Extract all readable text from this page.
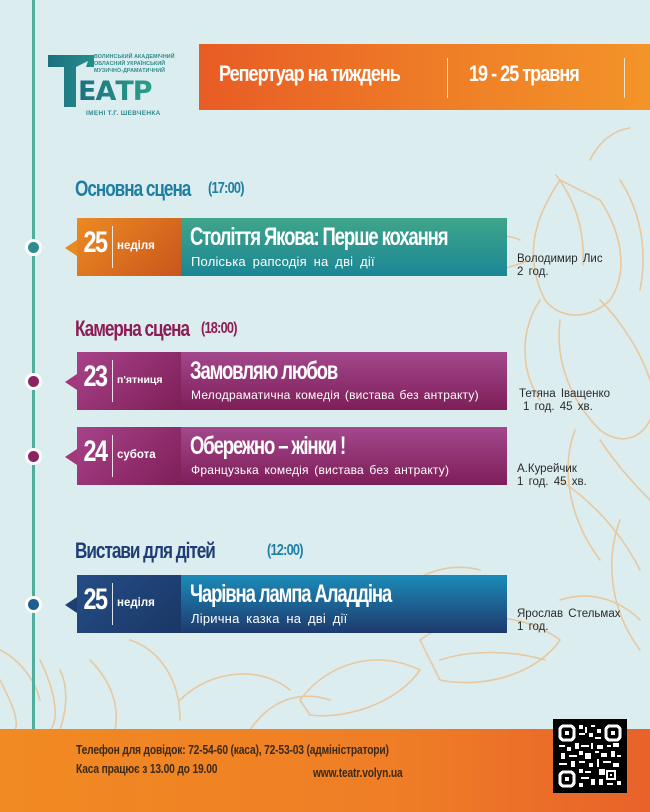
ВОЛИНСЬКИЙ АКАДЕМІЧНИЙ
ОБЛАСНИЙ УКРАЇНСЬКИЙ
МУЗИЧНО-ДРАМАТИЧНИЙ
ЕАТР
ІМЕНІ Т.Г. ШЕВЧЕНКА
Репертуар на тиждень	19 - 25 травня
Основна сцена (17:00)
25 неділя Століття Якова: Перше кохання
Поліська рапсодія на дві дії	Володимир Лис
2 год.
Камерна сцена (18:00)
23 п'ятниця Замовляю любов
Мелодраматична комедія (вистава без антракту)	Тетяна Іващенко
1 год. 45 хв.
24 субота Обережно – жінки !
Французька комедія (вистава без антракту)	А.Курейчик
1 год. 45 хв.
Вистави для дітей	(12:00)
25 неділя Чарівна лампа Аладдіна
Лірична казка на дві дії	Ярослав Стельмах
1 год.
Телефон для довідок: 72-54-60 (каса), 72-53-03 (адміністратори)
Каса працює з 13.00 до 19.00	www.teatr.volyn.ua
